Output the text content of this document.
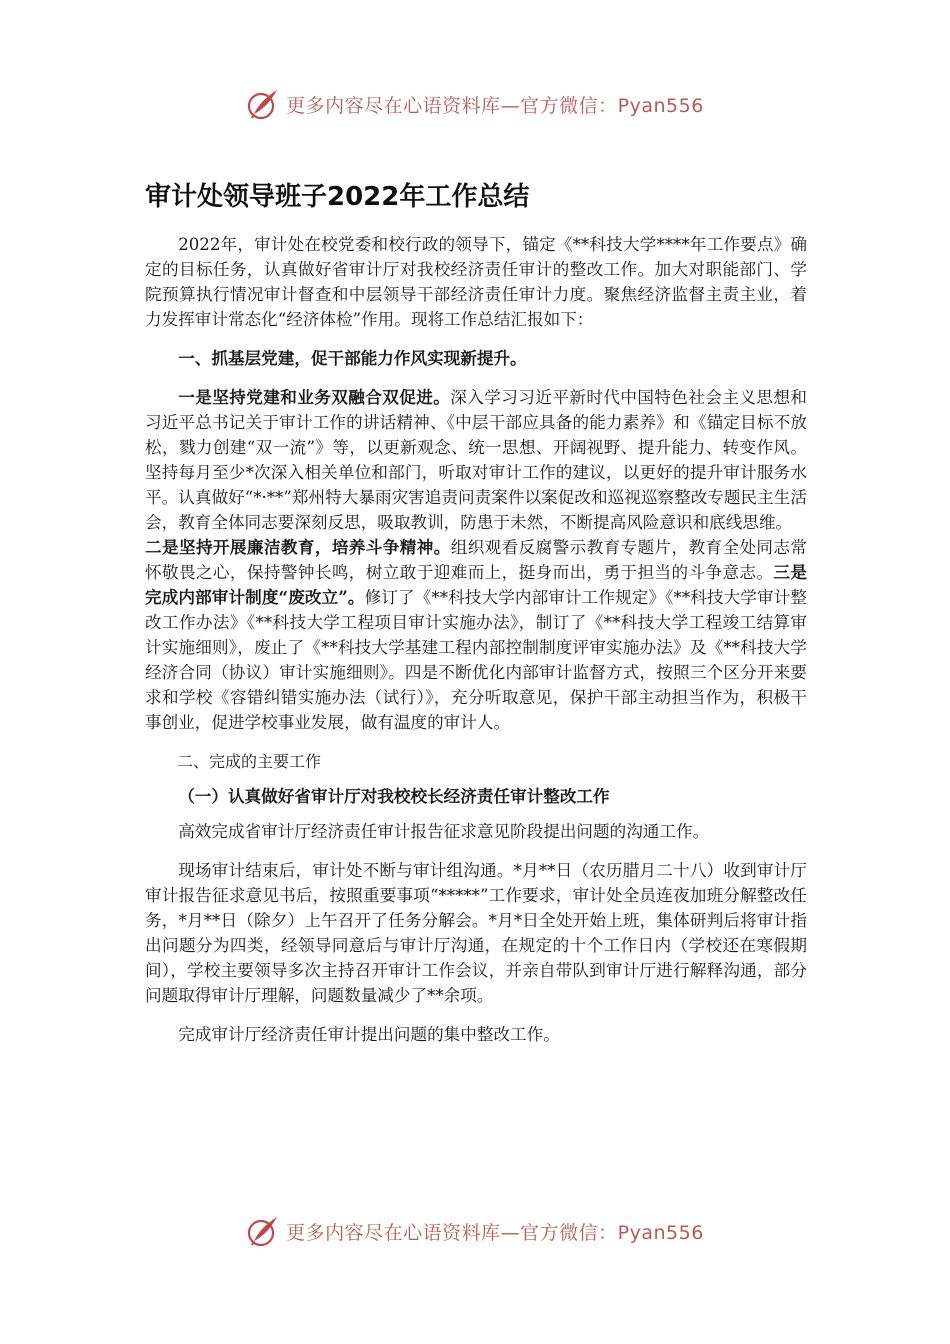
更多内容尽在心语资料库—官方微信：Pyan556
审计处领导班子2022年工作总结

2022年，审计处在校党委和校行政的领导下，锚定《**科技大学****年工作要点》确定的目标任务，认真做好省审计厅对我校经济责任审计的整改工作。加大对职能部门、学院预算执行情况审计督查和中层领导干部经济责任审计力度。聚焦经济监督主责主业，着力发挥审计常态化“经济体检”作用。现将工作总结汇报如下：

一、抓基层党建，促干部能力作风实现新提升。

一是坚持党建和业务双融合双促进。深入学习习近平新时代中国特色社会主义思想和习近平总书记关于审计工作的讲话精神、《中层干部应具备的能力素养》和《锚定目标不放松，戮力创建“双一流”》等，以更新观念、统一思想、开阔视野、提升能力、转变作风。坚持每月至少*次深入相关单位和部门，听取对审计工作的建议，以更好的提升审计服务水平。认真做好“*·**”郑州特大暴雨灾害追责问责案件以案促改和巡视巡察整改专题民主生活会，教育全体同志要深刻反思，吸取教训，防患于未然，不断提高风险意识和底线思维。
二是坚持开展廉洁教育，培养斗争精神。组织观看反腐警示教育专题片，教育全处同志常怀敬畏之心，保持警钟长鸣，树立敢于迎难而上，挺身而出，勇于担当的斗争意志。三是完成内部审计制度“废改立”。修订了《**科技大学内部审计工作规定》《**科技大学审计整改工作办法》《**科技大学工程项目审计实施办法》，制订了《**科技大学工程竣工结算审计实施细则》，废止了《**科技大学基建工程内部控制制度评审实施办法》及《**科技大学经济合同（协议）审计实施细则》。四是不断优化内部审计监督方式，按照三个区分开来要求和学校《容错纠错实施办法（试行）》，充分听取意见，保护干部主动担当作为，积极干事创业，促进学校事业发展，做有温度的审计人。

二、完成的主要工作

（一）认真做好省审计厅对我校校长经济责任审计整改工作

高效完成省审计厅经济责任审计报告征求意见阶段提出问题的沟通工作。

现场审计结束后，审计处不断与审计组沟通。*月**日（农历腊月二十八）收到审计厅审计报告征求意见书后，按照重要事项“*****”工作要求，审计处全员连夜加班分解整改任务，*月**日（除夕）上午召开了任务分解会。*月*日全处开始上班，集体研判后将审计指出问题分为四类，经领导同意后与审计厅沟通，在规定的十个工作日内（学校还在寒假期间），学校主要领导多次主持召开审计工作会议，并亲自带队到审计厅进行解释沟通，部分问题取得审计厅理解，问题数量减少了**余项。

完成审计厅经济责任审计提出问题的集中整改工作。

更多内容尽在心语资料库—官方微信：Pyan556
